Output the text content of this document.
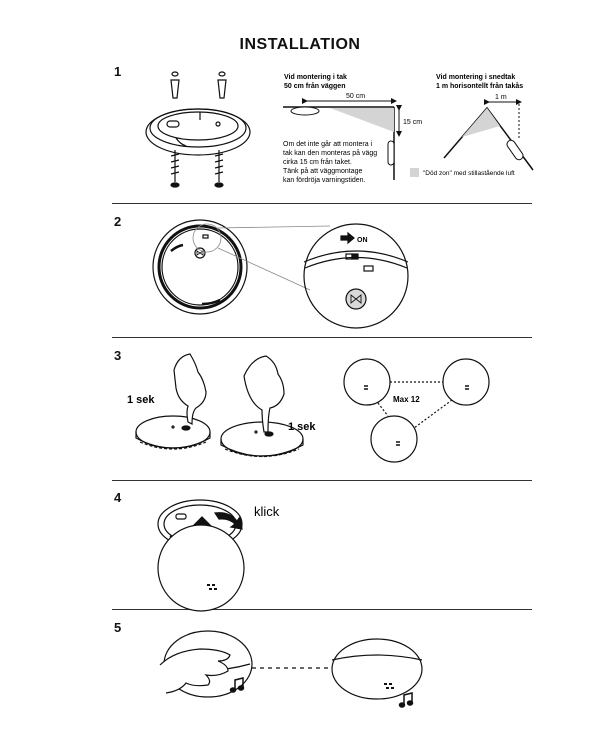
INSTALLATION
1
2
3
4
5
Vid montering i tak
50 cm från väggen
50 cm
15 cm
Om det inte går att montera i tak kan den monteras på vägg cirka 15 cm från taket. Tänk på att väggmontage kan fördröja varningstiden.
Vid montering i snedtak
1 m horisontellt från takås
1 m
"Död zon" med stillastående luft
ON
1 sek
1 sek
Max 12
klick
